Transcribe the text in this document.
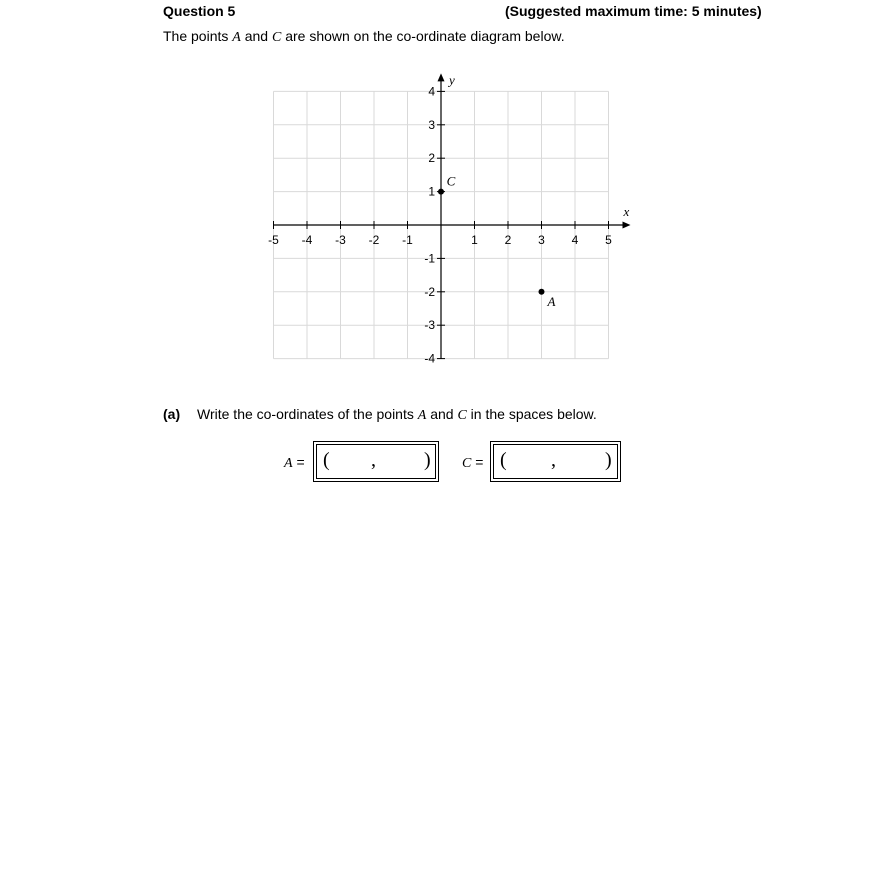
Question 5	(Suggested maximum time: 5 minutes)
The points A and C are shown on the co-ordinate diagram below.
x
y
-5 -4 -3 -2 -1	1 2 3 4 5
4
3
2
1
-1
-2
-3
-4
C
A
(a) Write the co-ordinates of the points A and C in the spaces below.
A = ( , ) C = ( , )
